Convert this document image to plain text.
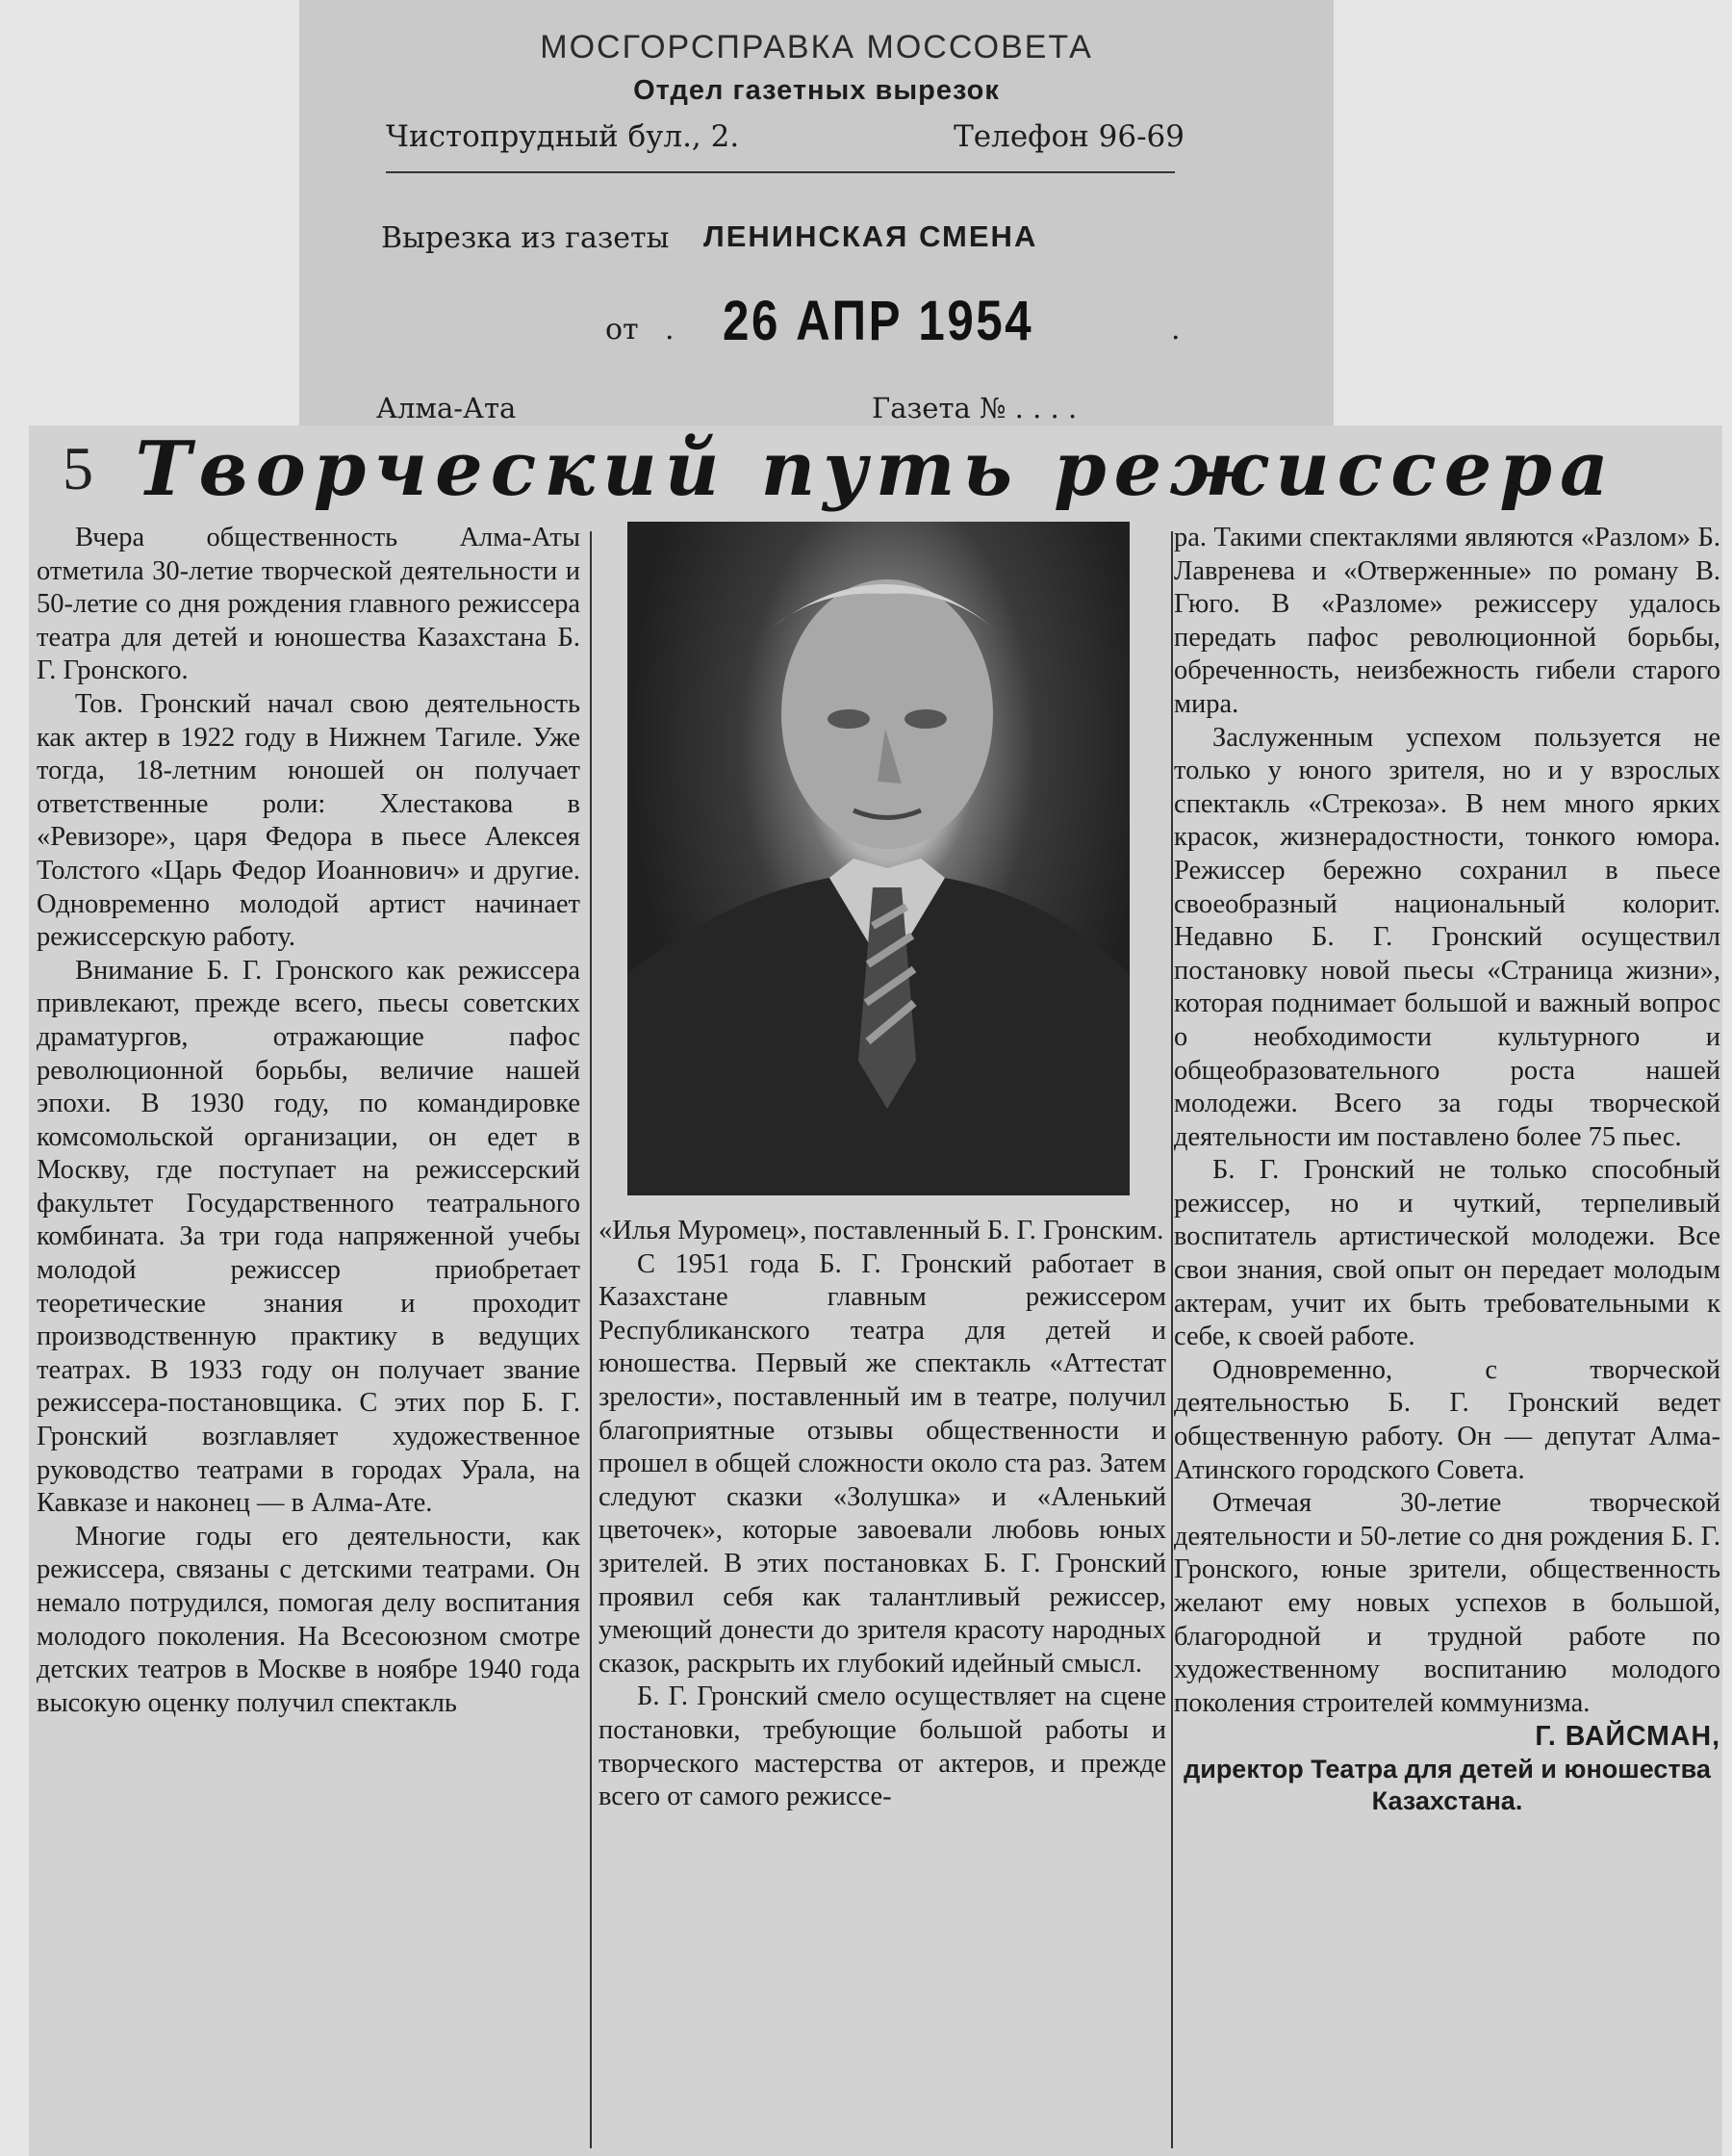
МОСГОРСПРАВКА МОССОВЕТА
Отдел газетных вырезок
Чистопрудный бул., 2.	Телефон 96-69
Вырезка из газеты ЛЕНИНСКАЯ СМЕНА
от . 26 АПР 1954	.
Алма-Ата	Газета № . . . .
5 Творческий путь режиссера

Вчера общественность Алма-Аты отметила 30-летие творческой деятельности и 50-летие со дня рождения главного режиссера театра для детей и юношества Казахстана Б. Г. Гронского.

Тов. Гронский начал свою деятельность как актер в 1922 году в Нижнем Тагиле. Уже тогда, 18-летним юношей он получает ответственные роли: Хлестакова в «Ревизоре», царя Федора в пьесе Алексея Толстого «Царь Федор Иоаннович» и другие. Одновременно молодой артист начинает режиссерскую работу.

Внимание Б. Г. Гронского как режиссера привлекают, прежде всего, пьесы советских драматургов, отражающие пафос революционной борьбы, величие нашей эпохи. В 1930 году, по командировке комсомольской организации, он едет в Москву, где поступает на режиссерский факультет Государственного театрального комбината. За три года напряженной учебы молодой режиссер приобретает теоретические знания и проходит производственную практику в ведущих театрах. В 1933 году он получает звание режиссера-постановщика. С этих пор Б. Г. Гронский возглавляет художественное руководство театрами в городах Урала, на Кавказе и наконец — в Алма-Ате.

Многие годы его деятельности, как режиссера, связаны с детскими театрами. Он немало потрудился, помогая делу воспитания молодого поколения. На Всесоюзном смотре детских театров в Москве в ноябре 1940 года высокую оценку получил спектакль

«Илья Муромец», поставленный Б. Г. Гронским.

С 1951 года Б. Г. Гронский работает в Казахстане главным режиссером Республиканского театра для детей и юношества. Первый же спектакль «Аттестат зрелости», поставленный им в театре, получил благоприятные отзывы общественности и прошел в общей сложности около ста раз. Затем следуют сказки «Золушка» и «Аленький цветочек», которые завоевали любовь юных зрителей. В этих постановках Б. Г. Гронский проявил себя как талантливый режиссер, умеющий донести до зрителя красоту народных сказок, раскрыть их глубокий идейный смысл.

Б. Г. Гронский смело осуществляет на сцене постановки, требующие большой работы и творческого мастерства от актеров, и прежде всего от самого режиссе-

ра. Такими спектаклями являются «Разлом» Б. Лавренева и «Отверженные» по роману В. Гюго. В «Разломе» режиссеру удалось передать пафос революционной борьбы, обреченность, неизбежность гибели старого мира.

Заслуженным успехом пользуется не только у юного зрителя, но и у взрослых спектакль «Стрекоза». В нем много ярких красок, жизнерадостности, тонкого юмора. Режиссер бережно сохранил в пьесе своеобразный национальный колорит. Недавно Б. Г. Гронский осуществил постановку новой пьесы «Страница жизни», которая поднимает большой и важный вопрос о необходимости культурного и общеобразовательного роста нашей молодежи. Всего за годы творческой деятельности им поставлено более 75 пьес.

Б. Г. Гронский не только способный режиссер, но и чуткий, терпеливый воспитатель артистической молодежи. Все свои знания, свой опыт он передает молодым актерам, учит их быть требовательными к себе, к своей работе.

Одновременно, с творческой деятельностью Б. Г. Гронский ведет общественную работу. Он — депутат Алма-Атинского городского Совета.

Отмечая 30-летие творческой деятельности и 50-летие со дня рождения Б. Г. Гронского, юные зрители, общественность желают ему новых успехов в большой, благородной и трудной работе по художественному воспитанию молодого поколения строителей коммунизма.

Г. ВАЙСМАН,
директор Театра для детей и юношества Казахстана.
